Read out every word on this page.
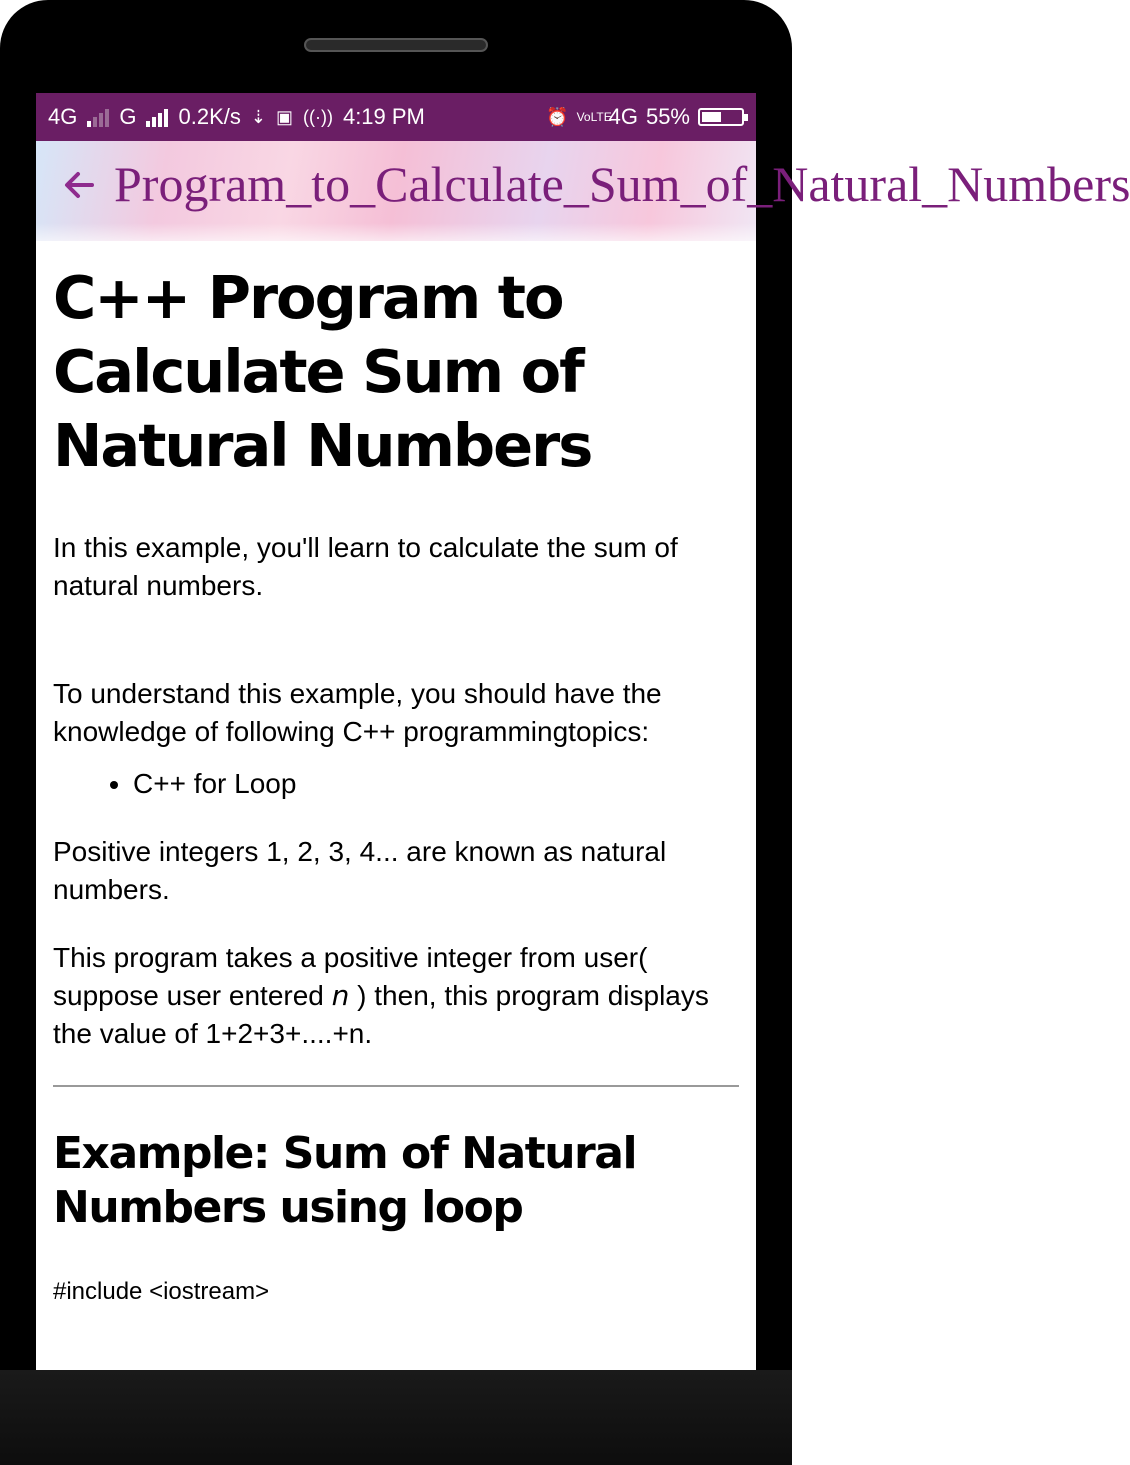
4G G 0.2K/s ⇣ ▣ ((·)) 4:19 PM	⏰ VoLTE
4G 55%
Program_to_Calculate_Sum_of_Natural_Numbers
C++ Program to Calculate Sum of Natural Numbers

In this example, you'll learn to calculate the sum of natural numbers.

To understand this example, you should have the knowledge of following C++ programmingtopics:

• C++ for Loop

Positive integers 1, 2, 3, 4... are known as natural numbers.

This program takes a positive integer from user( suppose user entered n ) then, this program displays the value of 1+2+3+....+n.

Example: Sum of Natural Numbers using loop
#include <iostream>
